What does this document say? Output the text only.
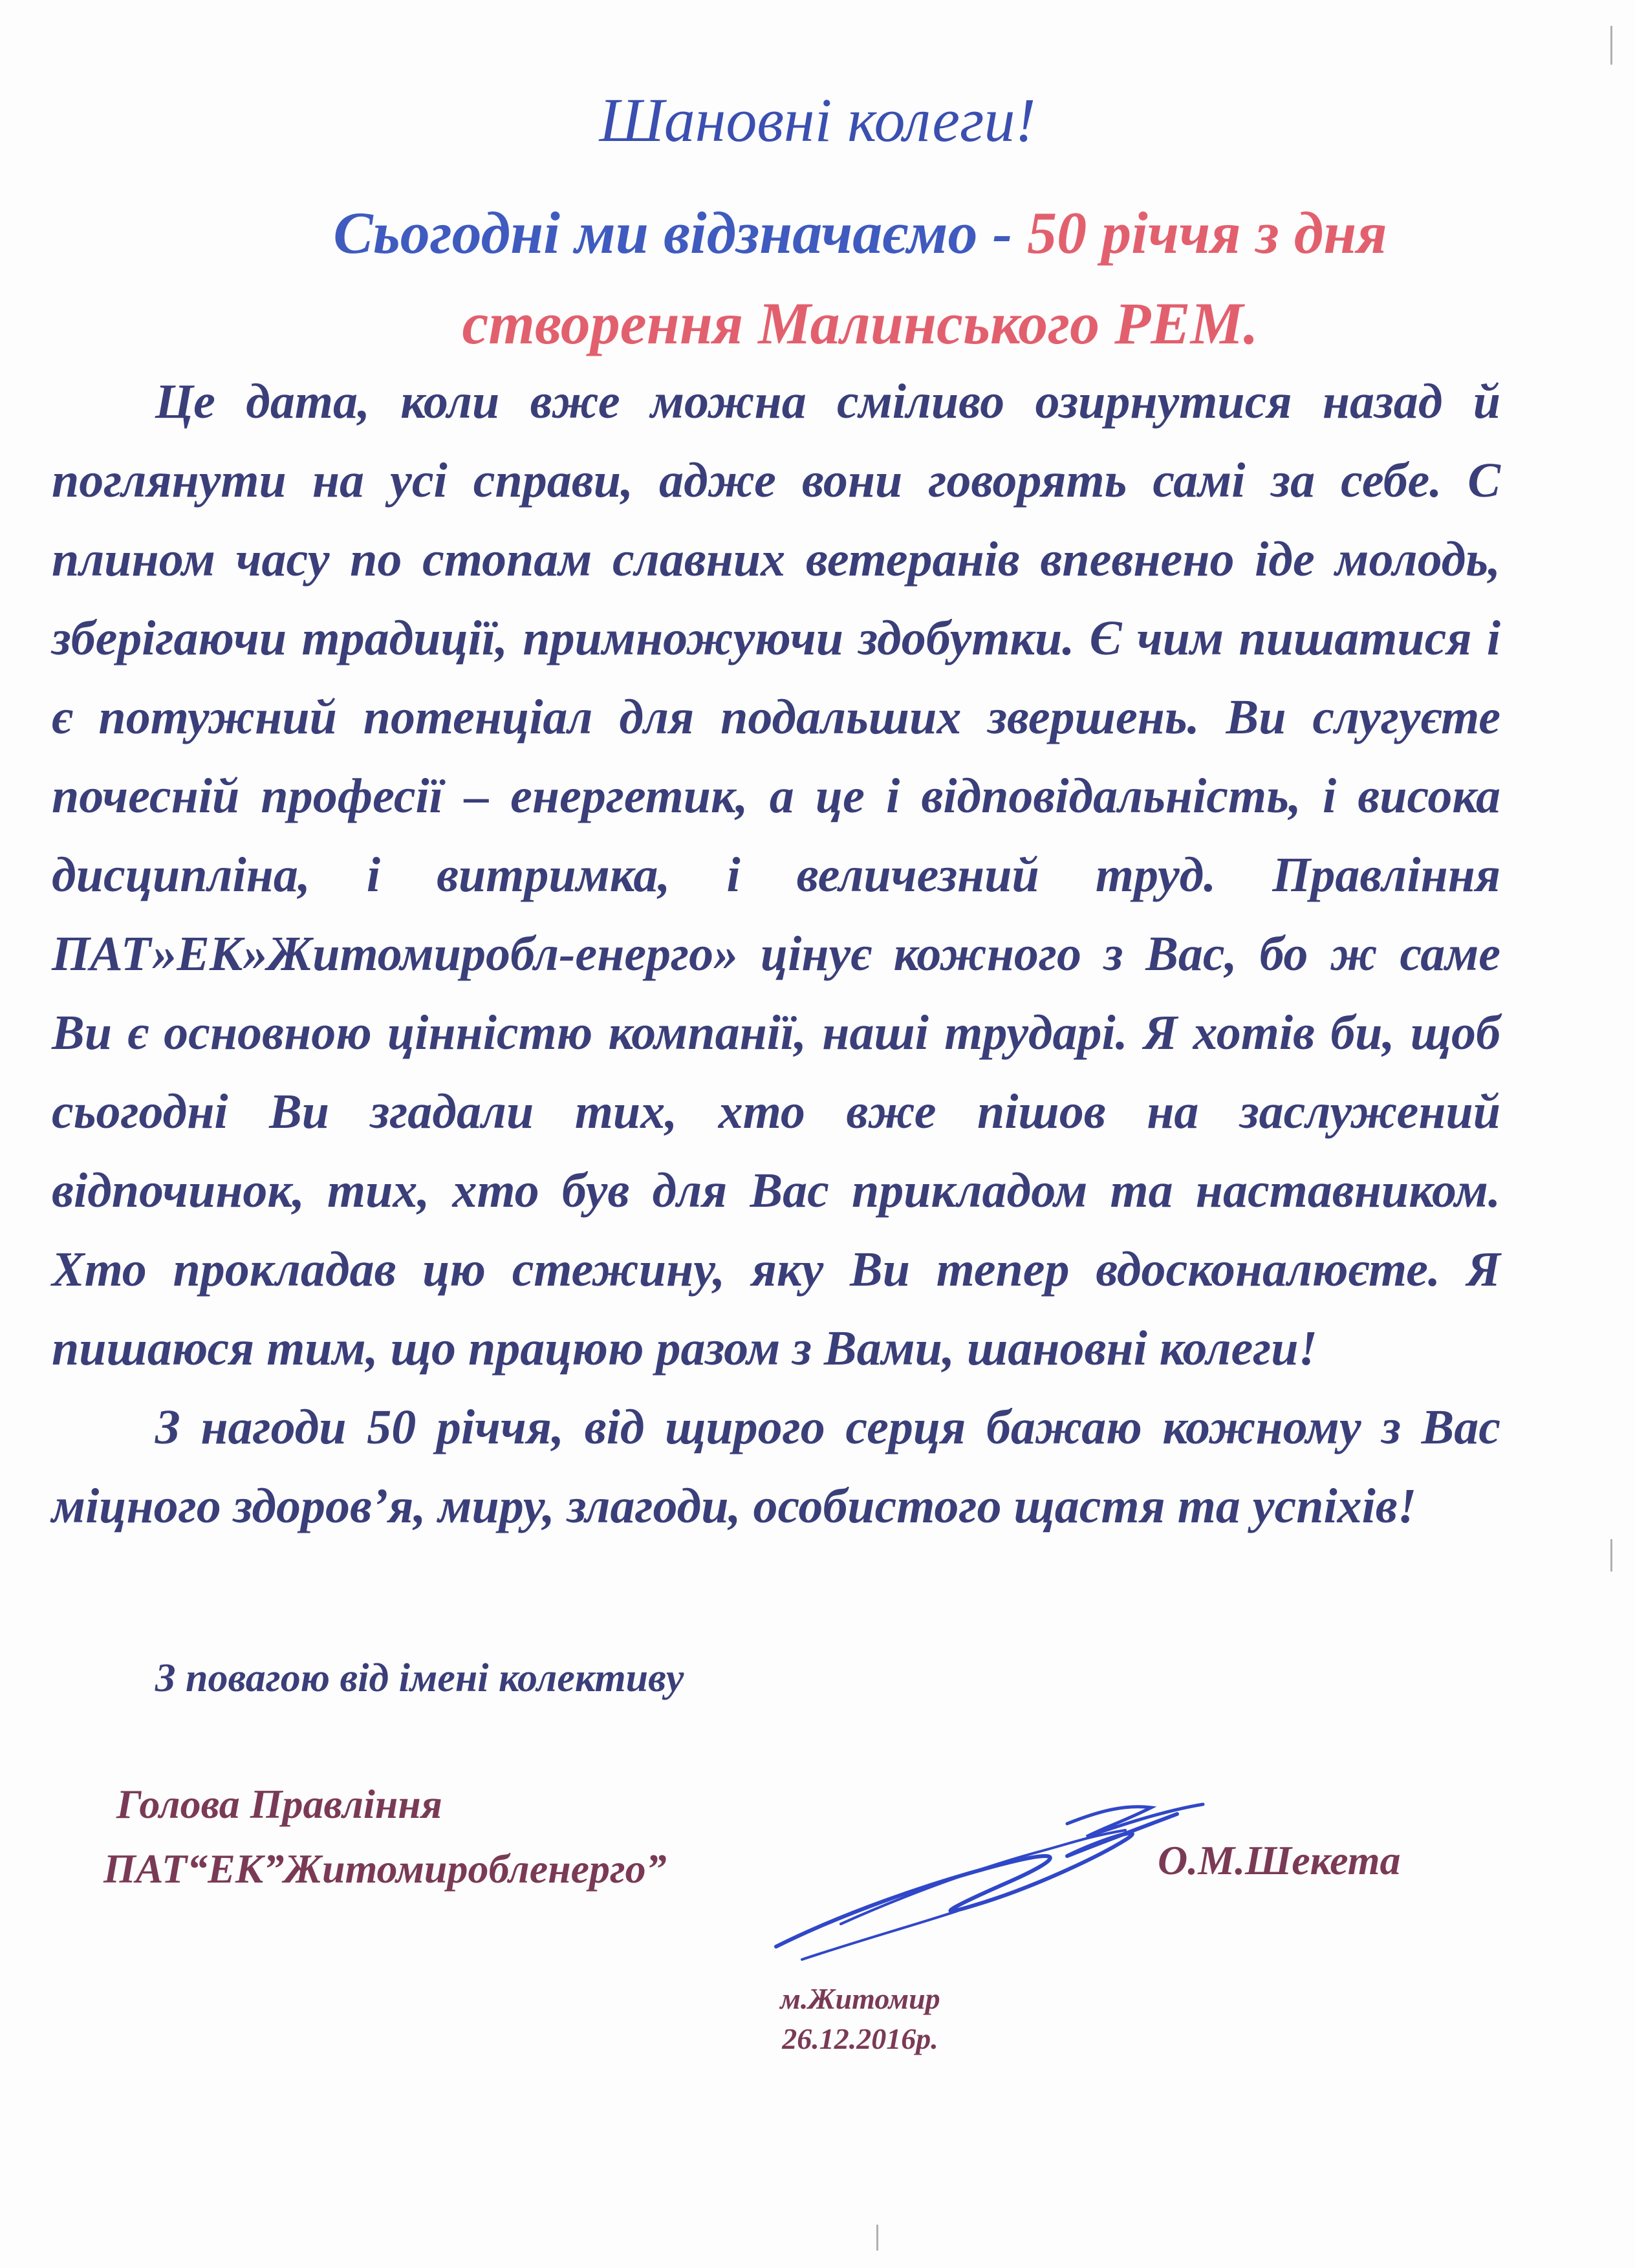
Шановні колеги!
Сьогодні ми відзначаємо - 50 річчя з дня створення Малинського РЕМ.

Це дата, коли вже можна сміливо озирнутися назад й поглянути на усі справи, адже вони говорять самі за себе. С плином часу по стопам славних ветеранів впевнено іде молодь, зберігаючи традиції, примножуючи здобутки. Є чим пишатися і є потужний потенціал для подальших звершень. Ви слугуєте почесній професії – енергетик, а це і відповідальність, і висока дисципліна, і витримка, і величезний труд. Правління ПАТ»ЕК»Житомиробл-енерго» цінує кожного з Вас, бо ж саме Ви є основною цінністю компанії, наші трударі. Я хотів би, щоб сьогодні Ви згадали тих, хто вже пішов на заслужений відпочинок, тих, хто був для Вас прикладом та наставником. Хто прокладав цю стежину, яку Ви тепер вдосконалюєте. Я пишаюся тим, що працюю разом з Вами, шановні колеги!

З нагоди 50 річчя, від щирого серця бажаю кожному з Вас міцного здоров’я, миру, злагоди, особистого щастя та успіхів!

З повагою від імені колективу

Голова Правління
ПАТ“ЕК”Житомиробленерго”	О.М.Шекета

м.Житомир
26.12.2016р.
